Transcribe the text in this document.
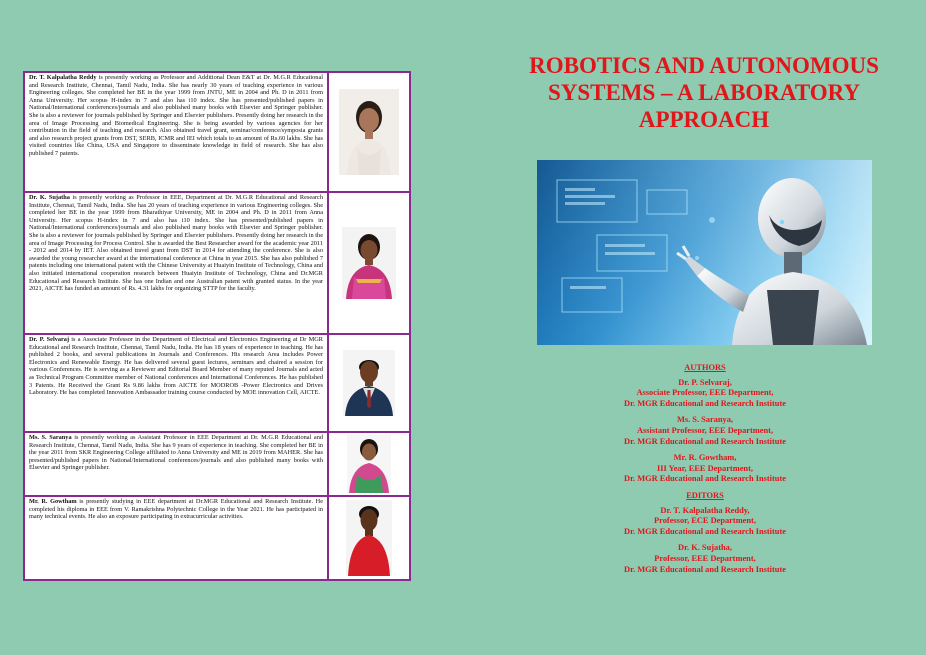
Dr. T. Kalpalatha Reddy is presently working as Professor and Additional Dean E&T at Dr. M.G.R Educational and Research Institute, Chennai, Tamil Nadu, India. She has nearly 30 years of teaching experience in various Engineering colleges. She completed her BE in the year 1999 from JNTU, ME in 2004 and Ph. D in 2011 from Anna University. Her scopus H-index in 7 and also has i10 index. She has presented/published papers in National/International conferences/journals and also published many books with Elsevier and Springer publisher. She is also a reviewer for journals published by Springer and Elsevier publishers. Presently doing her research in the area of Image Processing and Biomedical Engineering. She is being awarded by various agencies for her contribution in the field of teaching and research. Also obtained travel grant, seminar/conference/symposia grants and also research project grants from DST, SERB, ICMR and IEI which totals to an amount of Rs.60 lakhs. She has visited countries like China, USA and Singapore to disseminate knowledge in field of research. She has also published 7 patents.
Dr. K. Sujatha is presently working as Professor in EEE, Department at Dr. M.G.R Educational and Research Institute, Chennai, Tamil Nadu, India. She has 20 years of teaching experience in various Engineering colleges. She completed her BE in the year 1999 from Bharathiyar University, ME in 2004 and Ph. D in 2011 from Anna University. Her scopus H-index in 7 and also has i10 index. She has presented/published papers in National/International conferences/journals and also published many books with Elsevier and Springer publisher. She is also a reviewer for journals published by Springer and Elsevier publishers. Presently doing her research in the area of Image Processing for Process Control. She is awarded the Best Researcher award for the academic year 2011 - 2012 and 2014 by IET. Also obtained travel grant from DST in 2014 for attending the conference. She is also awarded the young researcher award at the international conference at China in year 2015. She has also published 7 patents including one international patent with the Chinese University at Huaiyin Institute of Technology, China and also initiated international cooperation research between Huaiyin Institute of Technology, China and Dr.MGR Educational and Research Institute. She has one Indian and one Australian patent with granted status. In the year 2021, AICTE has funded an amount of Rs. 4.31 lakhs for organizing STTP for the faculty.
Dr. P. Selvaraj is a Associate Professor in the Department of Electrical and Electronics Engineering at Dr MGR Educational and Research Institute, Chennai, Tamil Nadu, India. He has 18 years of experience in teaching. He has published 2 books, and several publications in Journals and Conferences. His research Area includes Power Electronics and Renewable Energy. He has delivered several guest lectures, seminars and chaired a session for various Conferences. He is serving as a Reviewer and Editorial Board Member of many reputed Journals and acted as Technical Program Committee member of National conferences and International Conferences. He has published 3 Patents. He Received the Grant Rs 9.86 lakhs from AICTE for MODROB -Power Electronics and Drives Laboratory. He has completed Innovation Ambassador training course conducted by MOE innovation Cell, AICTE.
Ms. S. Saranya is presently working as Assistant Professor in EEE Department at Dr. M.G.R Educational and Research Institute, Chennai, Tamil Nadu, India. She has 9 years of experience in teaching. She completed her BE in the year 2011 from SKR Engineering College affiliated to Anna University and ME in 2019 from MAHER. She has presented/published papers in National/International conferences/journals and also published many books with Elsevier and Springer publisher.
Mr. R. Gowtham is presently studying in EEE department at Dr.MGR Educational and Research Institute. He completed his diploma in EEE from V. Ramakrishna Polytechnic College in the Year 2021. He has participated in many technical events. He also an exposure participating in extracurricular activities.
ROBOTICS AND AUTONOMOUS
SYSTEMS – A LABORATORY
APPROACH
AUTHORS
Dr. P. Selvaraj,
Associate Professor, EEE Department,
Dr. MGR Educational and Research Institute
Ms. S. Saranya,
Assistant Professor, EEE Department,
Dr. MGR Educational and Research Institute
Mr. R. Gowtham,
III Year, EEE Department,
Dr. MGR Educational and Research Institute
EDITORS
Dr. T. Kalpalatha Reddy,
Professor, ECE Department,
Dr. MGR Educational and Research Institute
Dr. K. Sujatha,
Professor, EEE Department,
Dr. MGR Educational and Research Institute
